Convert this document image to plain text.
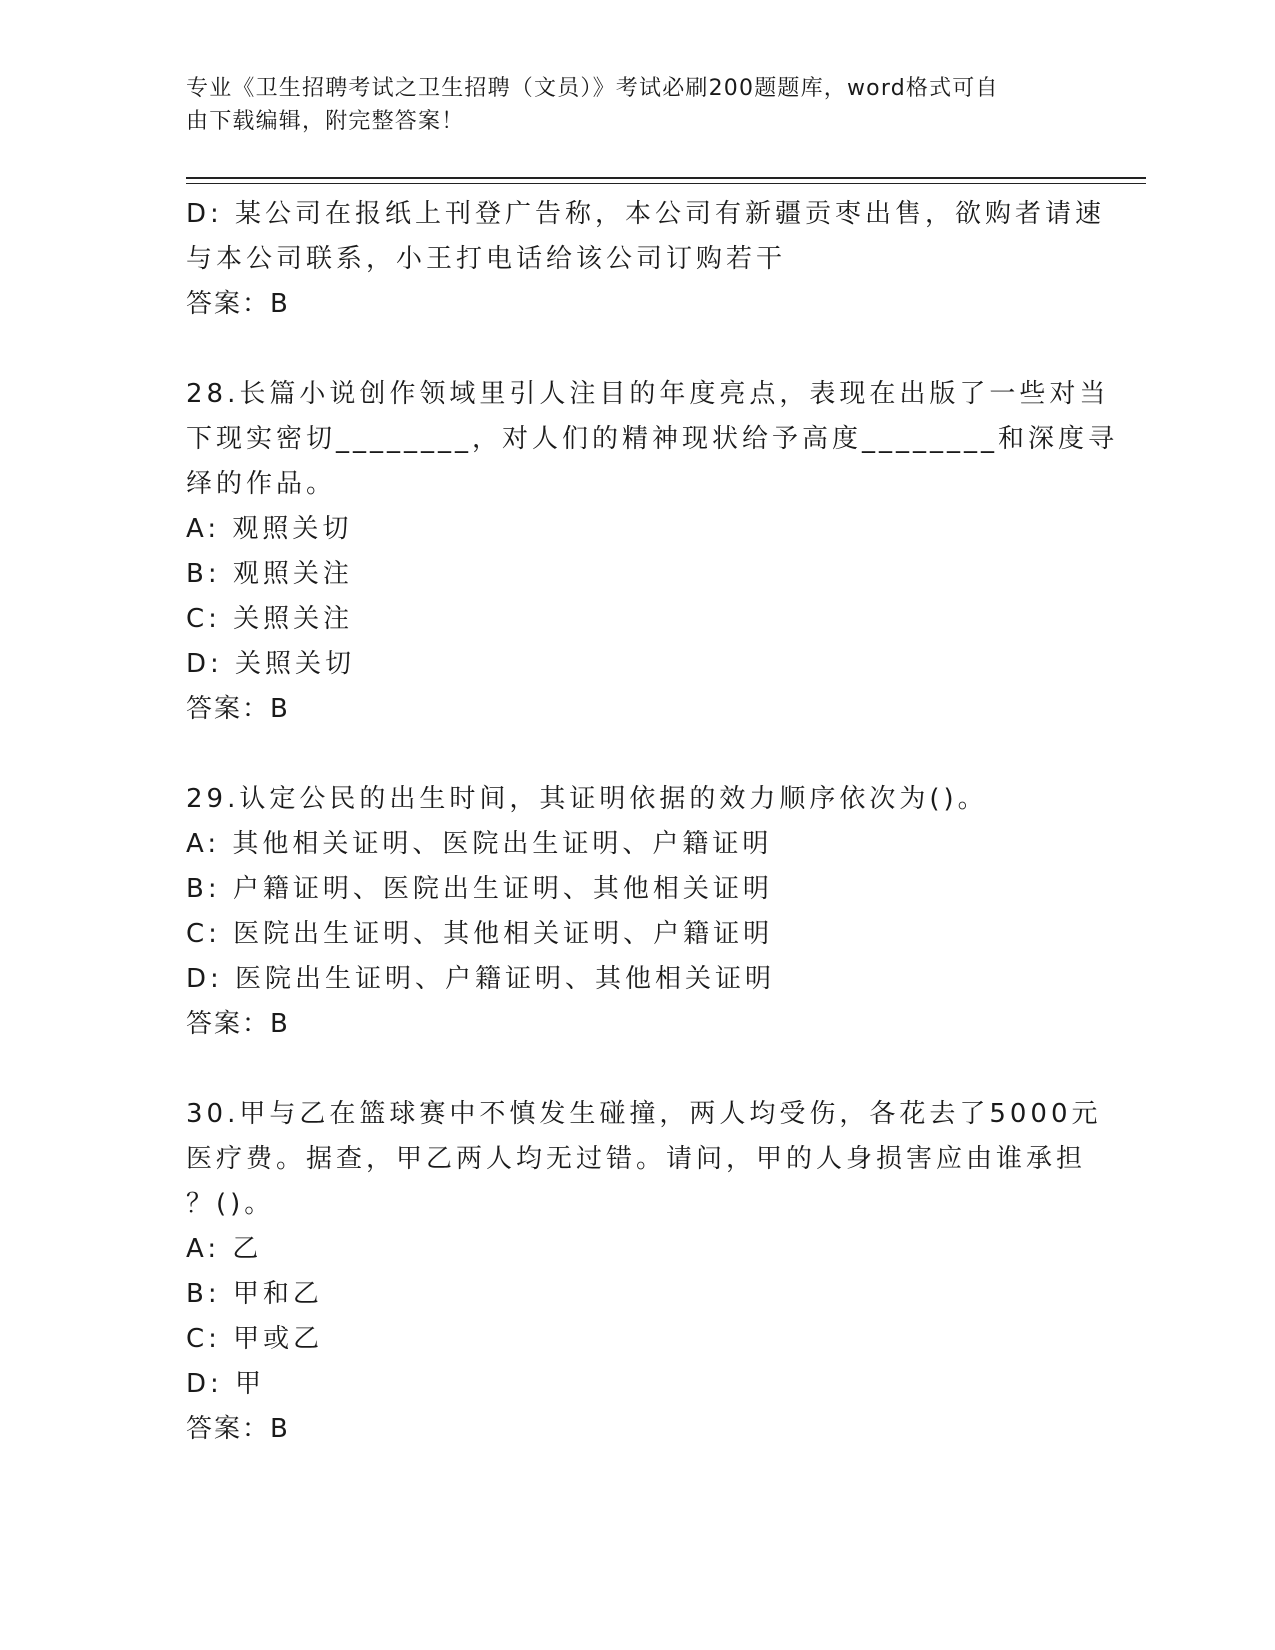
专业《卫生招聘考试之卫生招聘（文员）》考试必刷200题题库，word格式可自
由下载编辑，附完整答案！
D: 某公司在报纸上刊登广告称，本公司有新疆贡枣出售，欲购者请速
与本公司联系，小王打电话给该公司订购若干
答案：B
28.长篇小说创作领域里引人注目的年度亮点，表现在出版了一些对当
下现实密切________，对人们的精神现状给予高度________和深度寻
绎的作品。
A: 观照关切
B: 观照关注
C: 关照关注
D: 关照关切
答案：B
29.认定公民的出生时间，其证明依据的效力顺序依次为()。
A: 其他相关证明、医院出生证明、户籍证明
B: 户籍证明、医院出生证明、其他相关证明
C: 医院出生证明、其他相关证明、户籍证明
D: 医院出生证明、户籍证明、其他相关证明
答案：B
30.甲与乙在篮球赛中不慎发生碰撞，两人均受伤，各花去了5000元
医疗费。据查，甲乙两人均无过错。请问，甲的人身损害应由谁承担
？()。
A: 乙
B: 甲和乙
C: 甲或乙
D: 甲
答案：B
